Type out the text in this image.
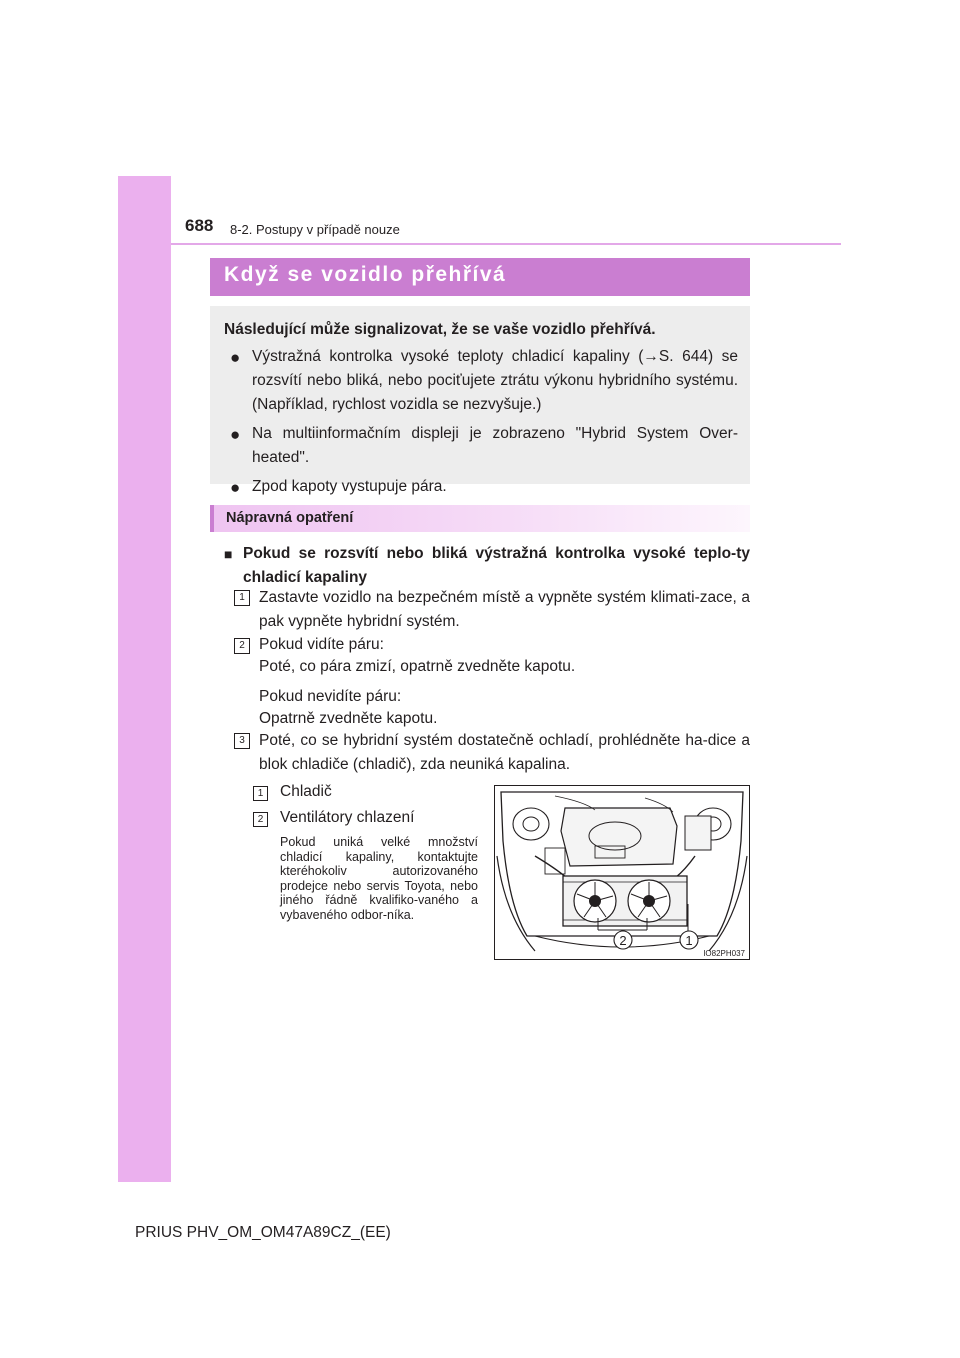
688 8-2. Postupy v případě nouze
Když se vozidlo přehřívá
Následující může signalizovat, že se vaše vozidlo přehřívá.
● Výstražná kontrolka vysoké teploty chladicí kapaliny (→S. 644) se rozsvítí nebo bliká, nebo pociťujete ztrátu výkonu hybridního systému. (Například, rychlost vozidla se nezvyšuje.)
● Na multiinformačním displeji je zobrazeno "Hybrid System Over-heated".
● Zpod kapoty vystupuje pára.
Nápravná opatření
■ Pokud se rozsvítí nebo bliká výstražná kontrolka vysoké teplo-ty chladicí kapaliny
1 Zastavte vozidlo na bezpečném místě a vypněte systém klimati-zace, a pak vypněte hybridní systém.

2 Pokud vidíte páru:
Poté, co pára zmizí, opatrně zvedněte kapotu.
Pokud nevidíte páru:
Opatrně zvedněte kapotu.
3 Poté, co se hybridní systém dostatečně ochladí, prohlédněte ha-dice a blok chladiče (chladič), zda neuniká kapalina.

1	Chladič
2	Ventilátory chlazení
Pokud uniká velké množství chladicí kapaliny, kontaktujte kteréhokoliv autorizovaného prodejce nebo servis Toyota, nebo jiného řádně kvalifiko-vaného a vybaveného odbor-níka.
2	1
IO82PH037
PRIUS PHV_OM_OM47A89CZ_(EE)
